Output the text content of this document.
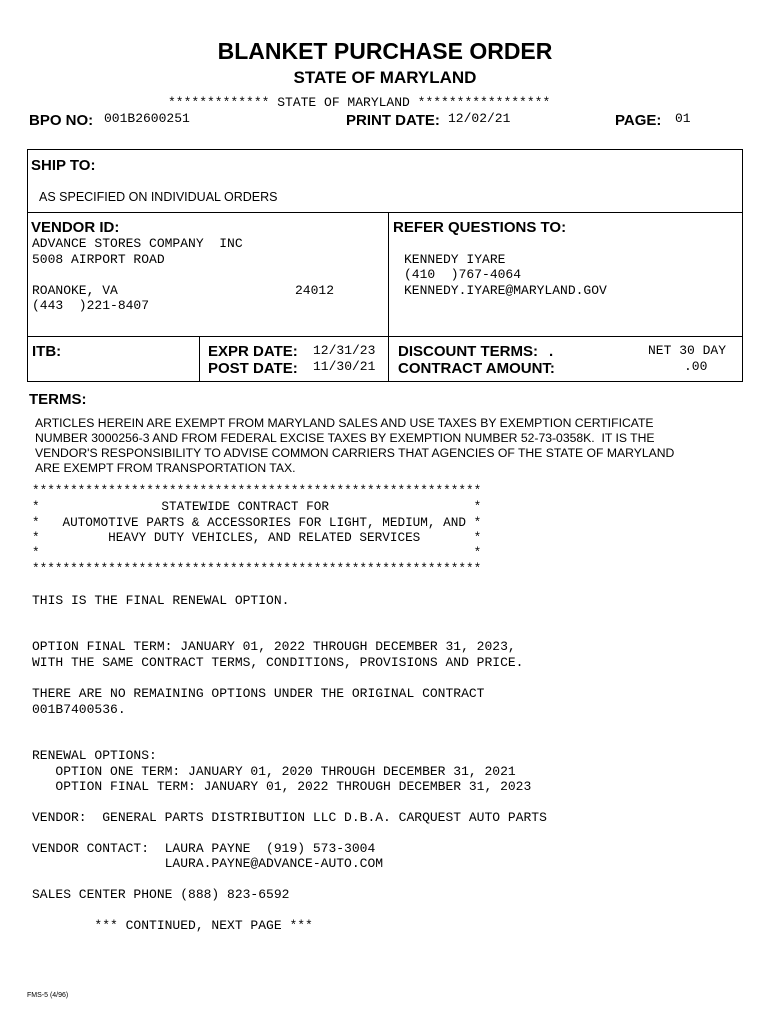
BLANKET PURCHASE ORDER
STATE OF MARYLAND
************* STATE OF MARYLAND *****************
BPO NO: 001B2600251	PRINT DATE: 12/02/21	PAGE: 01
SHIP TO:
AS SPECIFIED ON INDIVIDUAL ORDERS
VENDOR ID:
ADVANCE STORES COMPANY  INC
5008 AIRPORT ROAD
ROANOKE, VA	24012
(443  )221-8407
REFER QUESTIONS TO:
KENNEDY IYARE
(410  )767-4064
KENNEDY.IYARE@MARYLAND.GOV
ITB:	EXPR DATE: 12/31/23
POST DATE: 11/30/21
DISCOUNT TERMS: .	NET 30 DAY
CONTRACT AMOUNT:	.00
TERMS:
ARTICLES HEREIN ARE EXEMPT FROM MARYLAND SALES AND USE TAXES BY EXEMPTION CERTIFICATE
NUMBER 3000256-3 AND FROM FEDERAL EXCISE TAXES BY EXEMPTION NUMBER 52-73-0358K.  IT IS THE
VENDOR'S RESPONSIBILITY TO ADVISE COMMON CARRIERS THAT AGENCIES OF THE STATE OF MARYLAND
ARE EXEMPT FROM TRANSPORTATION TAX.
***********************************************************
*                STATEWIDE CONTRACT FOR                   *
*   AUTOMOTIVE PARTS & ACCESSORIES FOR LIGHT, MEDIUM, AND *
*         HEAVY DUTY VEHICLES, AND RELATED SERVICES       *
*                                                         *
***********************************************************
THIS IS THE FINAL RENEWAL OPTION.
OPTION FINAL TERM: JANUARY 01, 2022 THROUGH DECEMBER 31, 2023,
WITH THE SAME CONTRACT TERMS, CONDITIONS, PROVISIONS AND PRICE.
THERE ARE NO REMAINING OPTIONS UNDER THE ORIGINAL CONTRACT
001B7400536.
RENEWAL OPTIONS:
OPTION ONE TERM: JANUARY 01, 2020 THROUGH DECEMBER 31, 2021
OPTION FINAL TERM: JANUARY 01, 2022 THROUGH DECEMBER 31, 2023
VENDOR:  GENERAL PARTS DISTRIBUTION LLC D.B.A. CARQUEST AUTO PARTS
VENDOR CONTACT:  LAURA PAYNE  (919) 573-3004
LAURA.PAYNE@ADVANCE-AUTO.COM
SALES CENTER PHONE (888) 823-6592
*** CONTINUED, NEXT PAGE ***
FMS-5 (4/96)
